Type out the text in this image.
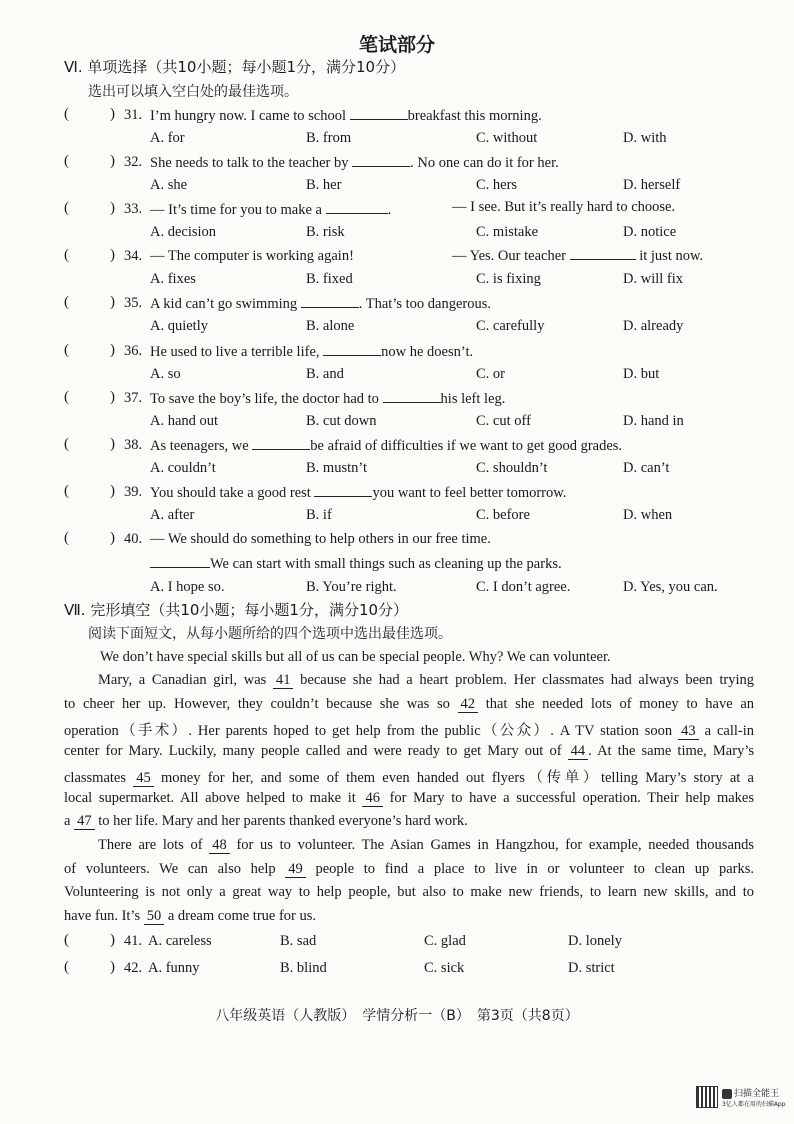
笔试部分
Ⅵ. 单项选择（共10小题；每小题1分，满分10分）
选出可以填入空白处的最佳选项。
(	) 31. I’m hungry now. I came to school	breakfast this morning.
A. for	B. from	C. without	D. with
(	) 32. She needs to talk to the teacher by	. No one can do it for her.
A. she	B. her	C. hers	D. herself
(	) 33. — It’s time for you to make a	.	— I see. But it’s really hard to choose.
A. decision	B. risk	C. mistake	D. notice
(	) 34. — The computer is working again!	— Yes. Our teacher	it just now.
A. fixes	B. fixed	C. is fixing	D. will fix
(	) 35. A kid can’t go swimming	. That’s too dangerous.
A. quietly	B. alone	C. carefully	D. already
(	) 36. He used to live a terrible life,	now he doesn’t.
A. so	B. and	C. or	D. but
(	) 37. To save the boy’s life, the doctor had to	his left leg.
A. hand out	B. cut down	C. cut off	D. hand in
(	) 38. As teenagers, we	be afraid of difficulties if we want to get good grades.
A. couldn’t	B. mustn’t	C. shouldn’t	D. can’t
(	) 39. You should take a good rest	you want to feel better tomorrow.
A. after	B. if	C. before	D. when
(	) 40. — We should do something to help others in our free time.
We can start with small things such as cleaning up the parks.
A. I hope so.	B. You’re right.	C. I don’t agree.	D. Yes, you can.
Ⅶ. 完形填空（共10小题；每小题1分，满分10分）
阅读下面短文，从每小题所给的四个选项中选出最佳选项。
We don’t have special skills but all of us can be special people. Why? We can volunteer.
Mary, a Canadian girl, was 41 because she had a heart problem. Her classmates had always been trying
to cheer her up. However, they couldn’t because she was so 42 that she needed lots of money to have an
operation（手术）. Her parents hoped to get help from the public（公众）. A TV station soon 43 a call-in
center for Mary. Luckily, many people called and were ready to get Mary out of 44 . At the same time, Mary’s
classmates 45 money for her, and some of them even handed out flyers（传单）telling Mary’s story at a
local supermarket. All above helped to make it 46 for Mary to have a successful operation. Their help makes
a 47 to her life. Mary and her parents thanked everyone’s hard work.
There are lots of 48 for us to volunteer. The Asian Games in Hangzhou, for example, needed thousands
of volunteers. We can also help 49 people to find a place to live in or volunteer to clean up parks.
Volunteering is not only a great way to help people, but also to make new friends, to learn new skills, and to
have fun. It’s 50 a dream come true for us.
(	) 41. A. careless	B. sad	C. glad	D. lonely
(	) 42. A. funny	B. blind	C. sick	D. strict
八年级英语（人教版）　学情分析一（B）　第3页（共8页）
扫描全能王
3亿人都在用的扫描App
